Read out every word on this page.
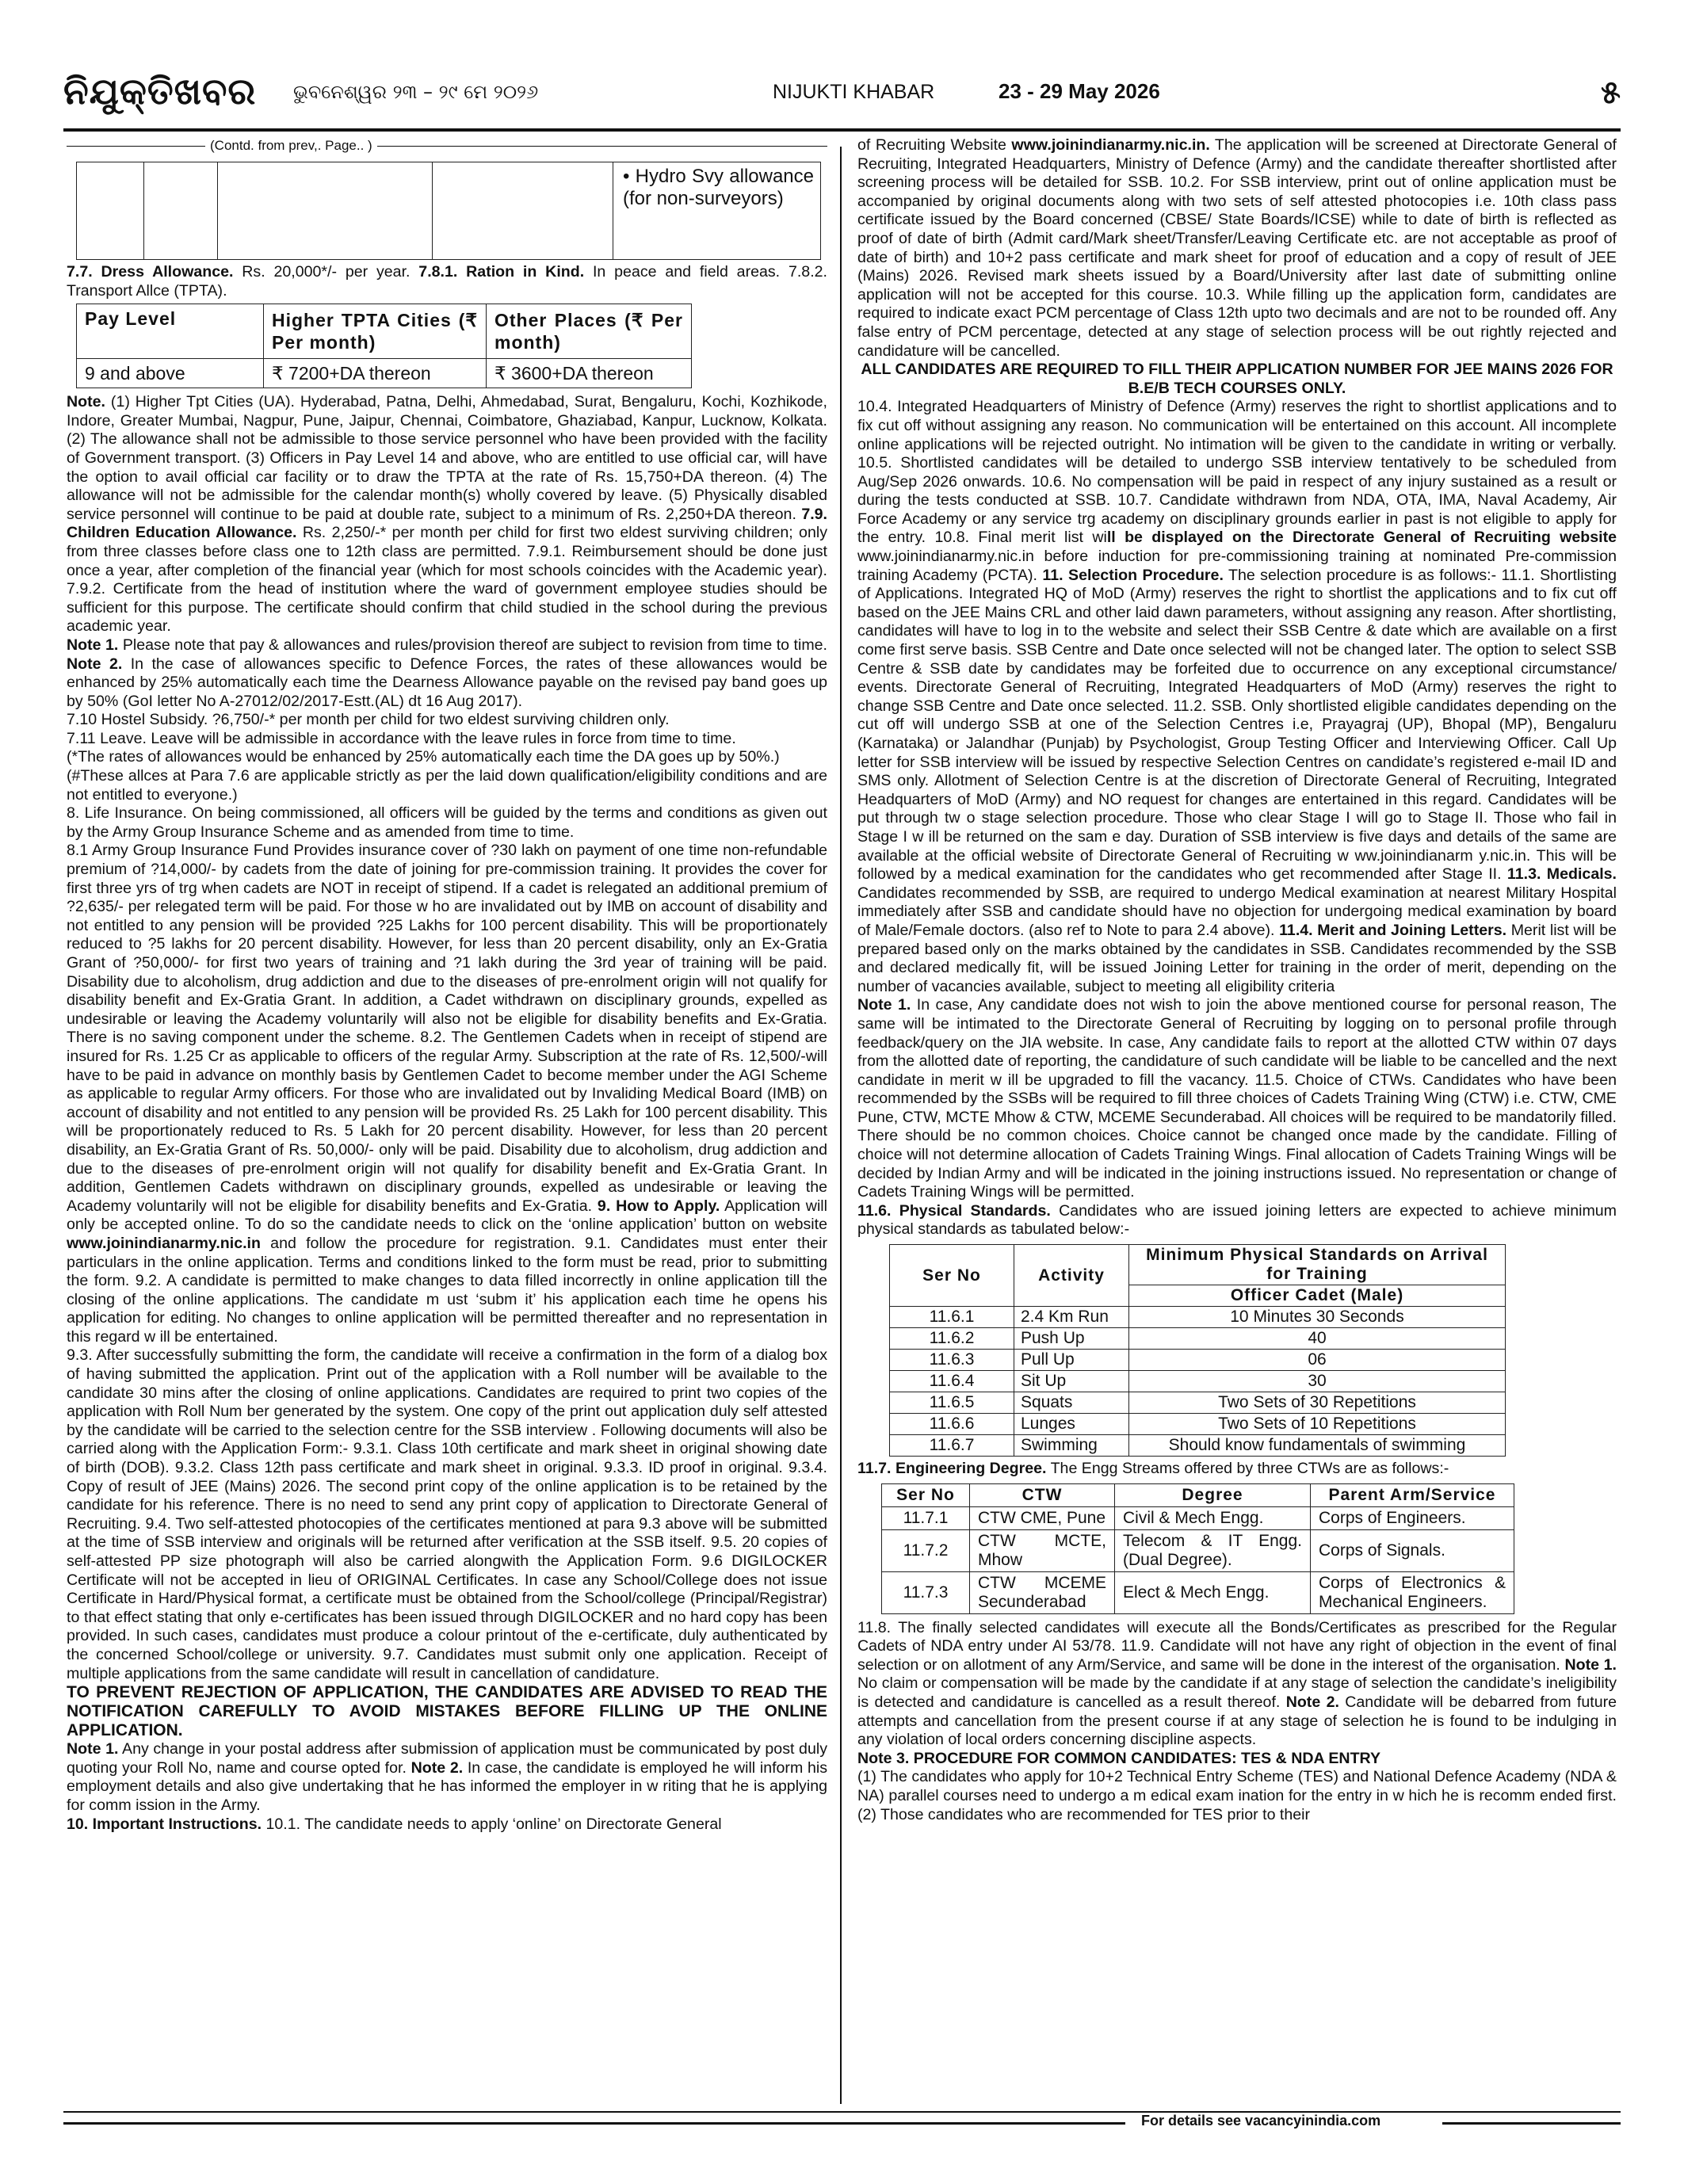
ନିଯୁକ୍ତିଖବର ଭୁବନେଶ୍ୱର ୨୩ – ୨୯ ମେ ୨୦୨୬	NIJUKTI KHABAR	23 - 29 May 2026	୫
(Contd. from prev,. Page.. )
				• Hydro Svy allowance (for non-surveyors)

7.7. Dress Allowance. Rs. 20,000*/- per year. 7.8.1. Ration in Kind. In peace and field areas. 7.8.2. Transport Allce (TPTA).

Pay Level	Higher TPTA Cities (₹ Per month)	Other Places (₹ Per month)
9 and above	₹ 7200+DA thereon	₹ 3600+DA thereon

Note. (1) Higher Tpt Cities (UA). Hyderabad, Patna, Delhi, Ahmedabad, Surat, Bengaluru, Kochi, Kozhikode, Indore, Greater Mumbai, Nagpur, Pune, Jaipur, Chennai, Coimbatore, Ghaziabad, Kanpur, Lucknow, Kolkata. (2) The allowance shall not be admissible to those service personnel who have been provided with the facility of Government transport. (3) Officers in Pay Level 14 and above, who are entitled to use official car, will have the option to avail official car facility or to draw the TPTA at the rate of Rs. 15,750+DA thereon. (4) The allowance will not be admissible for the calendar month(s) wholly covered by leave. (5) Physically disabled service personnel will continue to be paid at double rate, subject to a minimum of Rs. 2,250+DA thereon. 7.9. Children Education Allowance. Rs. 2,250/-* per month per child for first two eldest surviving children; only from three classes before class one to 12th class are permitted. 7.9.1. Reimbursement should be done just once a year, after completion of the financial year (which for most schools coincides with the Academic year). 7.9.2. Certificate from the head of institution where the ward of government employee studies should be sufficient for this purpose. The certificate should confirm that child studied in the school during the previous academic year.

Note 1. Please note that pay & allowances and rules/provision thereof are subject to revision from time to time. Note 2. In the case of allowances specific to Defence Forces, the rates of these allowances would be enhanced by 25% automatically each time the Dearness Allowance payable on the revised pay band goes up by 50% (GoI letter No A-27012/02/2017-Estt.(AL) dt 16 Aug 2017).

7.10 Hostel Subsidy. ?6,750/-* per month per child for two eldest surviving children only.

7.11 Leave. Leave will be admissible in accordance with the leave rules in force from time to time.

(*The rates of allowances would be enhanced by 25% automatically each time the DA goes up by 50%.)

(#These allces at Para 7.6 are applicable strictly as per the laid down qualification/eligibility conditions and are not entitled to everyone.)

8. Life Insurance. On being commissioned, all officers will be guided by the terms and conditions as given out by the Army Group Insurance Scheme and as amended from time to time.

8.1 Army Group Insurance Fund Provides insurance cover of ?30 lakh on payment of one time non-refundable premium of ?14,000/- by cadets from the date of joining for pre-commission training. It provides the cover for first three yrs of trg when cadets are NOT in receipt of stipend. If a cadet is relegated an additional premium of ?2,635/- per relegated term will be paid. For those w ho are invalidated out by IMB on account of disability and not entitled to any pension will be provided ?25 Lakhs for 100 percent disability. This will be proportionately reduced to ?5 lakhs for 20 percent disability. However, for less than 20 percent disability, only an Ex-Gratia Grant of ?50,000/- for first two years of training and ?1 lakh during the 3rd year of training will be paid. Disability due to alcoholism, drug addiction and due to the diseases of pre-enrolment origin will not qualify for disability benefit and Ex-Gratia Grant. In addition, a Cadet withdrawn on disciplinary grounds, expelled as undesirable or leaving the Academy voluntarily will also not be eligible for disability benefits and Ex-Gratia. There is no saving component under the scheme. 8.2. The Gentlemen Cadets when in receipt of stipend are insured for Rs. 1.25 Cr as applicable to officers of the regular Army. Subscription at the rate of Rs. 12,500/-will have to be paid in advance on monthly basis by Gentlemen Cadet to become member under the AGI Scheme as applicable to regular Army officers. For those who are invalidated out by Invaliding Medical Board (IMB) on account of disability and not entitled to any pension will be provided Rs. 25 Lakh for 100 percent disability. This will be proportionately reduced to Rs. 5 Lakh for 20 percent disability. However, for less than 20 percent disability, an Ex-Gratia Grant of Rs. 50,000/- only will be paid. Disability due to alcoholism, drug addiction and due to the diseases of pre-enrolment origin will not qualify for disability benefit and Ex-Gratia Grant. In addition, Gentlemen Cadets withdrawn on disciplinary grounds, expelled as undesirable or leaving the Academy voluntarily will not be eligible for disability benefits and Ex-Gratia. 9. How to Apply. Application will only be accepted online. To do so the candidate needs to click on the ‘online application’ button on website www.joinindianarmy.nic.in and follow the procedure for registration. 9.1. Candidates must enter their particulars in the online application. Terms and conditions linked to the form must be read, prior to submitting the form. 9.2. A candidate is permitted to make changes to data filled incorrectly in online application till the closing of the online applications. The candidate m ust ‘subm it’ his application each time he opens his application for editing. No changes to online application will be permitted thereafter and no representation in this regard w ill be entertained.

9.3. After successfully submitting the form, the candidate will receive a confirmation in the form of a dialog box of having submitted the application. Print out of the application with a Roll number will be available to the candidate 30 mins after the closing of online applications. Candidates are required to print two copies of the application with Roll Num ber generated by the system. One copy of the print out application duly self attested by the candidate will be carried to the selection centre for the SSB interview . Following documents will also be carried along with the Application Form:- 9.3.1. Class 10th certificate and mark sheet in original showing date of birth (DOB). 9.3.2. Class 12th pass certificate and mark sheet in original. 9.3.3. ID proof in original. 9.3.4. Copy of result of JEE (Mains) 2026. The second print copy of the online application is to be retained by the candidate for his reference. There is no need to send any print copy of application to Directorate General of Recruiting. 9.4. Two self-attested photocopies of the certificates mentioned at para 9.3 above will be submitted at the time of SSB interview and originals will be returned after verification at the SSB itself. 9.5. 20 copies of self-attested PP size photograph will also be carried alongwith the Application Form. 9.6 DIGILOCKER Certificate will not be accepted in lieu of ORIGINAL Certificates. In case any School/College does not issue Certificate in Hard/Physical format, a certificate must be obtained from the School/college (Principal/Registrar) to that effect stating that only e-certificates has been issued through DIGILOCKER and no hard copy has been provided. In such cases, candidates must produce a colour printout of the e-certificate, duly authenticated by the concerned School/college or university. 9.7. Candidates must submit only one application. Receipt of multiple applications from the same candidate will result in cancellation of candidature.

TO PREVENT REJECTION OF APPLICATION, THE CANDIDATES ARE ADVISED TO READ THE NOTIFICATION CAREFULLY TO AVOID MISTAKES BEFORE FILLING UP THE ONLINE APPLICATION.

Note 1. Any change in your postal address after submission of application must be communicated by post duly quoting your Roll No, name and course opted for. Note 2. In case, the candidate is employed he will inform his employment details and also give undertaking that he has informed the employer in w riting that he is applying for comm ission in the Army.

10. Important Instructions. 10.1. The candidate needs to apply ‘online’ on Directorate General

of Recruiting Website www.joinindianarmy.nic.in. The application will be screened at Directorate General of Recruiting, Integrated Headquarters, Ministry of Defence (Army) and the candidate thereafter shortlisted after screening process will be detailed for SSB. 10.2. For SSB interview, print out of online application must be accompanied by original documents along with two sets of self attested photocopies i.e. 10th class pass certificate issued by the Board concerned (CBSE/ State Boards/ICSE) while to date of birth is reflected as proof of date of birth (Admit card/Mark sheet/Transfer/Leaving Certificate etc. are not acceptable as proof of date of birth) and 10+2 pass certificate and mark sheet for proof of education and a copy of result of JEE (Mains) 2026. Revised mark sheets issued by a Board/University after last date of submitting online application will not be accepted for this course. 10.3. While filling up the application form, candidates are required to indicate exact PCM percentage of Class 12th upto two decimals and are not to be rounded off. Any false entry of PCM percentage, detected at any stage of selection process will be out rightly rejected and candidature will be cancelled.

ALL CANDIDATES ARE REQUIRED TO FILL THEIR APPLICATION NUMBER FOR JEE MAINS 2026 FOR B.E/B TECH COURSES ONLY.

10.4. Integrated Headquarters of Ministry of Defence (Army) reserves the right to shortlist applications and to fix cut off without assigning any reason. No communication will be entertained on this account. All incomplete online applications will be rejected outright. No intimation will be given to the candidate in writing or verbally. 10.5. Shortlisted candidates will be detailed to undergo SSB interview tentatively to be scheduled from Aug/Sep 2026 onwards. 10.6. No compensation will be paid in respect of any injury sustained as a result or during the tests conducted at SSB. 10.7. Candidate withdrawn from NDA, OTA, IMA, Naval Academy, Air Force Academy or any service trg academy on disciplinary grounds earlier in past is not eligible to apply for the entry. 10.8. Final merit list will be displayed on the Directorate General of Recruiting website www.joinindianarmy.nic.in before induction for pre-commissioning training at nominated Pre-commission training Academy (PCTA). 11. Selection Procedure. The selection procedure is as follows:- 11.1. Shortlisting of Applications. Integrated HQ of MoD (Army) reserves the right to shortlist the applications and to fix cut off based on the JEE Mains CRL and other laid dawn parameters, without assigning any reason. After shortlisting, candidates will have to log in to the website and select their SSB Centre & date which are available on a first come first serve basis. SSB Centre and Date once selected will not be changed later. The option to select SSB Centre & SSB date by candidates may be forfeited due to occurrence on any exceptional circumstance/ events. Directorate General of Recruiting, Integrated Headquarters of MoD (Army) reserves the right to change SSB Centre and Date once selected. 11.2. SSB. Only shortlisted eligible candidates depending on the cut off will undergo SSB at one of the Selection Centres i.e, Prayagraj (UP), Bhopal (MP), Bengaluru (Karnataka) or Jalandhar (Punjab) by Psychologist, Group Testing Officer and Interviewing Officer. Call Up letter for SSB interview will be issued by respective Selection Centres on candidate’s registered e-mail ID and SMS only. Allotment of Selection Centre is at the discretion of Directorate General of Recruiting, Integrated Headquarters of MoD (Army) and NO request for changes are entertained in this regard. Candidates will be put through tw o stage selection procedure. Those who clear Stage I will go to Stage II. Those who fail in Stage I w ill be returned on the sam e day. Duration of SSB interview is five days and details of the same are available at the official website of Directorate General of Recruiting w ww.joinindianarm y.nic.in. This will be followed by a medical examination for the candidates who get recommended after Stage II. 11.3. Medicals. Candidates recommended by SSB, are required to undergo Medical examination at nearest Military Hospital immediately after SSB and candidate should have no objection for undergoing medical examination by board of Male/Female doctors. (also ref to Note to para 2.4 above). 11.4. Merit and Joining Letters. Merit list will be prepared based only on the marks obtained by the candidates in SSB. Candidates recommended by the SSB and declared medically fit, will be issued Joining Letter for training in the order of merit, depending on the number of vacancies available, subject to meeting all eligibility criteria

Note 1. In case, Any candidate does not wish to join the above mentioned course for personal reason, The same will be intimated to the Directorate General of Recruiting by logging on to personal profile through feedback/query on the JIA website. In case, Any candidate fails to report at the allotted CTW within 07 days from the allotted date of reporting, the candidature of such candidate will be liable to be cancelled and the next candidate in merit w ill be upgraded to fill the vacancy. 11.5. Choice of CTWs. Candidates who have been recommended by the SSBs will be required to fill three choices of Cadets Training Wing (CTW) i.e. CTW, CME Pune, CTW, MCTE Mhow & CTW, MCEME Secunderabad. All choices will be required to be mandatorily filled. There should be no common choices. Choice cannot be changed once made by the candidate. Filling of choice will not determine allocation of Cadets Training Wings. Final allocation of Cadets Training Wings will be decided by Indian Army and will be indicated in the joining instructions issued. No representation or change of Cadets Training Wings will be permitted.

11.6. Physical Standards. Candidates who are issued joining letters are expected to achieve minimum physical standards as tabulated below:-

Ser No	Activity	Minimum Physical Standards on Arrival for Training
		Officer Cadet (Male)
11.6.1	2.4 Km Run	10 Minutes 30 Seconds
11.6.2	Push Up	40
11.6.3	Pull Up	06
11.6.4	Sit Up	30
11.6.5	Squats	Two Sets of 30 Repetitions
11.6.6	Lunges	Two Sets of 10 Repetitions
11.6.7	Swimming	Should know fundamentals of swimming

11.7. Engineering Degree. The Engg Streams offered by three CTWs are as follows:-

Ser No	CTW	Degree	Parent Arm/Service
11.7.1	CTW CME, Pune	Civil & Mech Engg.	Corps of Engineers.
11.7.2	CTW MCTE, Mhow	Telecom & IT Engg. (Dual Degree).	Corps of Signals.
11.7.3	CTW MCEME Secunderabad	Elect & Mech Engg.	Corps of Electronics & Mechanical Engineers.

11.8. The finally selected candidates will execute all the Bonds/Certificates as prescribed for the Regular Cadets of NDA entry under AI 53/78. 11.9. Candidate will not have any right of objection in the event of final selection or on allotment of any Arm/Service, and same will be done in the interest of the organisation. Note 1. No claim or compensation will be made by the candidate if at any stage of selection the candidate’s ineligibility is detected and candidature is cancelled as a result thereof. Note 2. Candidate will be debarred from future attempts and cancellation from the present course if at any stage of selection he is found to be indulging in any violation of local orders concerning discipline aspects.

Note 3. PROCEDURE FOR COMMON CANDIDATES: TES & NDA ENTRY

(1) The candidates who apply for 10+2 Technical Entry Scheme (TES) and National Defence Academy (NDA & NA) parallel courses need to undergo a m edical exam ination for the entry in w hich he is recomm ended first. (2) Those candidates who are recommended for TES prior to their

For details see vacancyinindia.com
